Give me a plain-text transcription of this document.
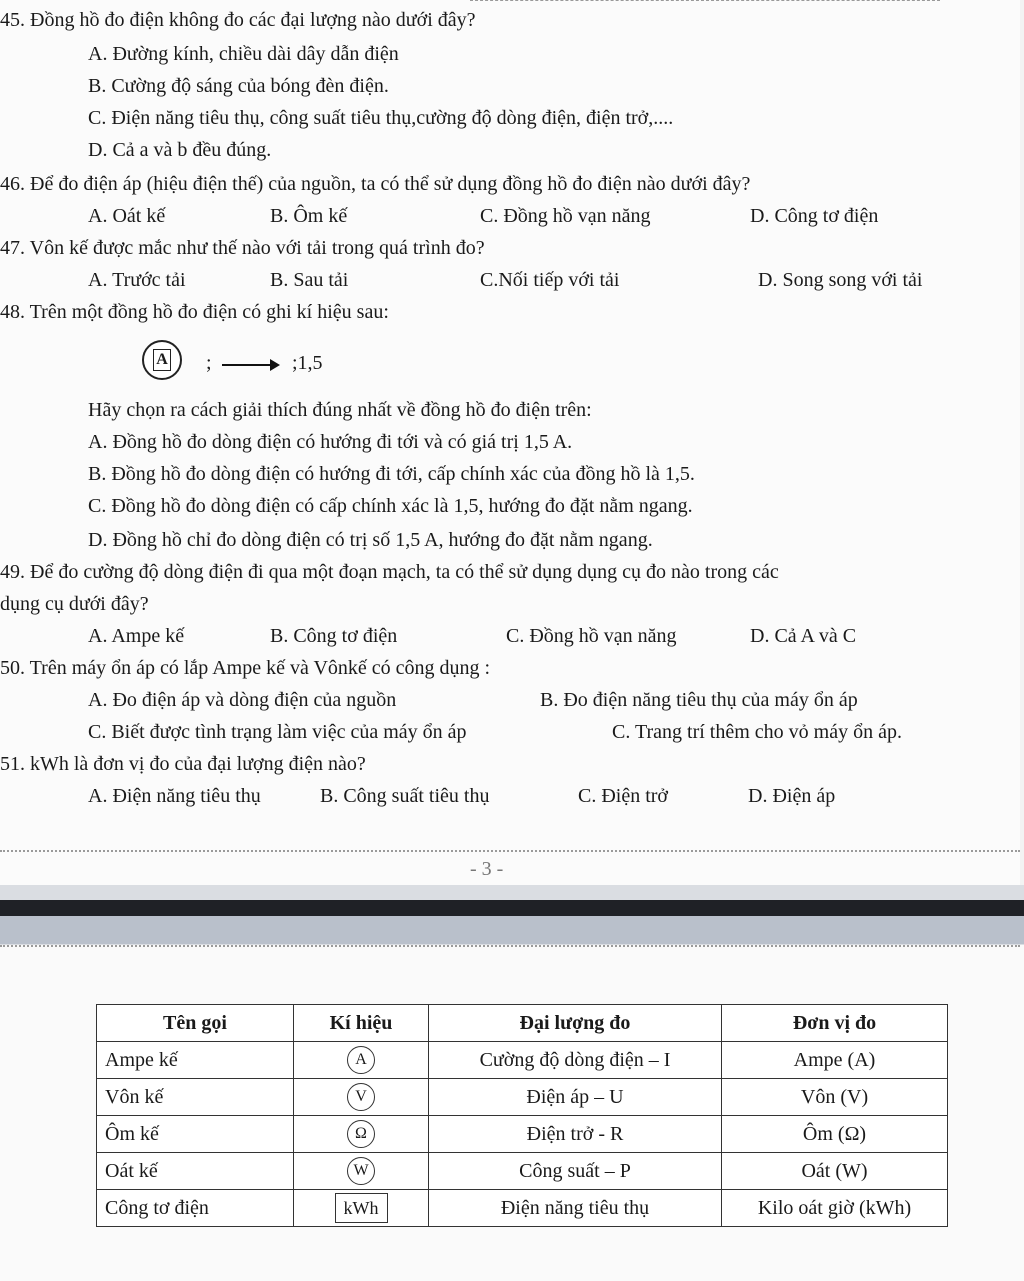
45. Đồng hồ đo điện không đo các đại lượng nào dưới đây?
A. Đường kính, chiều dài dây dẫn điện
B. Cường độ sáng của bóng đèn điện.
C. Điện năng tiêu thụ, công suất tiêu thụ,cường độ dòng điện, điện trở,....
D. Cả a và b đều đúng.
46. Để đo điện áp (hiệu điện thế) của nguồn, ta có thể sử dụng đồng hồ đo điện nào dưới đây?
A. Oát kế	B. Ôm kế	C. Đồng hồ vạn năng	D. Công tơ điện
47. Vôn kế được mắc như thế nào với tải trong quá trình đo?
A. Trước tải	B. Sau tải	C.Nối tiếp với tải	D. Song song với tải
48. Trên một đồng hồ đo điện có ghi kí hiệu sau:
A ;	;1,5
Hãy chọn ra cách giải thích đúng nhất về đồng hồ đo điện trên:
A. Đồng hồ đo dòng điện có hướng đi tới và có giá trị 1,5 A.
B. Đồng hồ đo dòng điện có hướng đi tới, cấp chính xác của đồng hồ là 1,5.
C. Đồng hồ đo dòng điện có cấp chính xác là 1,5, hướng đo đặt nằm ngang.
D. Đồng hồ chỉ đo dòng điện có trị số 1,5 A, hướng đo đặt nằm ngang.
49. Để đo cường độ dòng điện đi qua một đoạn mạch, ta có thể sử dụng dụng cụ đo nào trong các
dụng cụ dưới đây?
A. Ampe kế	B. Công tơ điện	C. Đồng hồ vạn năng	D. Cả A và C
50. Trên máy ổn áp có lắp Ampe kế và Vônkế có công dụng :
A. Đo điện áp và dòng điện của nguồn	B. Đo điện năng tiêu thụ của máy ổn áp
C. Biết được tình trạng làm việc của máy ổn áp	C. Trang trí thêm cho vỏ máy ổn áp.
51. kWh là đơn vị đo của đại lượng điện nào?
A. Điện năng tiêu thụ	B. Công suất tiêu thụ	C. Điện trở	D. Điện áp
- 3 -
Tên gọi	Kí hiệu	Đại lượng đo	Đơn vị đo
Ampe kế	A	Cường độ dòng điện – I	Ampe (A)
Vôn kế	V	Điện áp – U	Vôn (V)
Ôm kế	Ω	Điện trở - R	Ôm (Ω)
Oát kế	W	Công suất – P	Oát (W)
Công tơ điện	kWh	Điện năng tiêu thụ	Kilo oát giờ (kWh)
